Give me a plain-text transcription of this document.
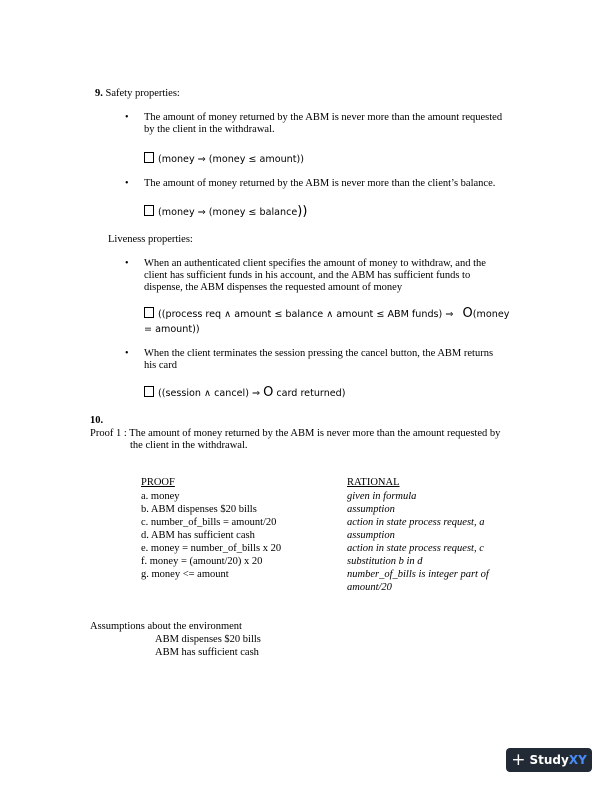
9. Safety properties:
• The amount of money returned by the ABM is never more than the amount requested
by the client in the withdrawal.
(money ⇒ (money ≤ amount))
• The amount of money returned by the ABM is never more than the client’s balance.
(money ⇒ (money ≤ balance))
Liveness properties:
• When an authenticated client specifies the amount of money to withdraw, and the
client has sufficient funds in his account, and the ABM has sufficient funds to
dispense, the ABM dispenses the requested amount of money
((process req ∧ amount ≤ balance ∧ amount ≤ ABM funds) ⇒ O(money
= amount))
• When the client terminates the session pressing the cancel button, the ABM returns
his card
((session ∧ cancel) ⇒ O card returned)
10.
Proof 1 : The amount of money returned by the ABM is never more than the amount requested by
the client in the withdrawal.
PROOF
a. money
b. ABM dispenses $20 bills
c. number_of_bills = amount/20
d. ABM has sufficient cash
e. money = number_of_bills x 20
f. money = (amount/20) x 20
g. money <= amount
RATIONAL
given in formula
assumption
action in state process request, a
assumption
action in state process request, c
substitution b in d
number_of_bills is integer part of
amount/20
Assumptions about the environment
ABM dispenses $20 bills
ABM has sufficient cash
+ Study XY
